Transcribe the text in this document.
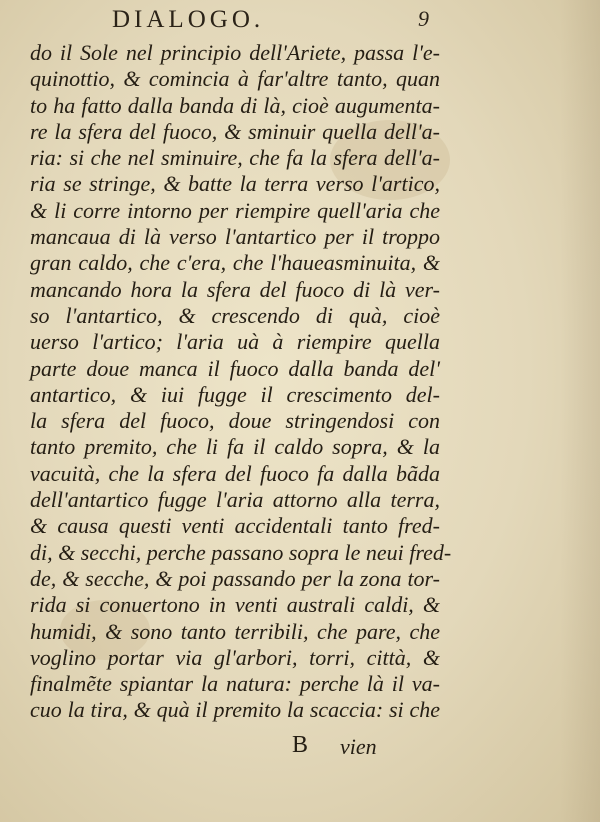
DIALOGO.	9
do il Sole nel principio dell'Ariete, passa l'e-
quinottio, & comincia à far'altre tanto, quan
to ha fatto dalla banda di là, cioè augumenta-
re la sfera del fuoco, & sminuir quella dell'a-
ria: si che nel sminuire, che fa la sfera dell'a-
ria se stringe, & batte la terra verso l'artico,
& li corre intorno per riempire quell'aria che
mancaua di là verso l'antartico per il troppo
gran caldo, che c'era, che l'haueasminuita, &
mancando hora la sfera del fuoco di là ver-
so l'antartico, & crescendo di quà, cioè
uerso l'artico; l'aria uà à riempire quella
parte doue manca il fuoco dalla banda del'
antartico, & iui fugge il crescimento del-
la sfera del fuoco, doue stringendosi con
tanto premito, che li fa il caldo sopra, & la
vacuità, che la sfera del fuoco fa dalla bãda
dell'antartico fugge l'aria attorno alla terra,
& causa questi venti accidentali tanto fred-
di, & secchi, perche passano sopra le neui fred-
de, & secche, & poi passando per la zona tor-
rida si conuertono in venti australi caldi, &
humidi, & sono tanto terribili, che pare, che
voglino portar via gl'arbori, torri, città, &
finalmẽte spiantar la natura: perche là il va-
cuo la tira, & quà il premito la scaccia: si che
B vien
